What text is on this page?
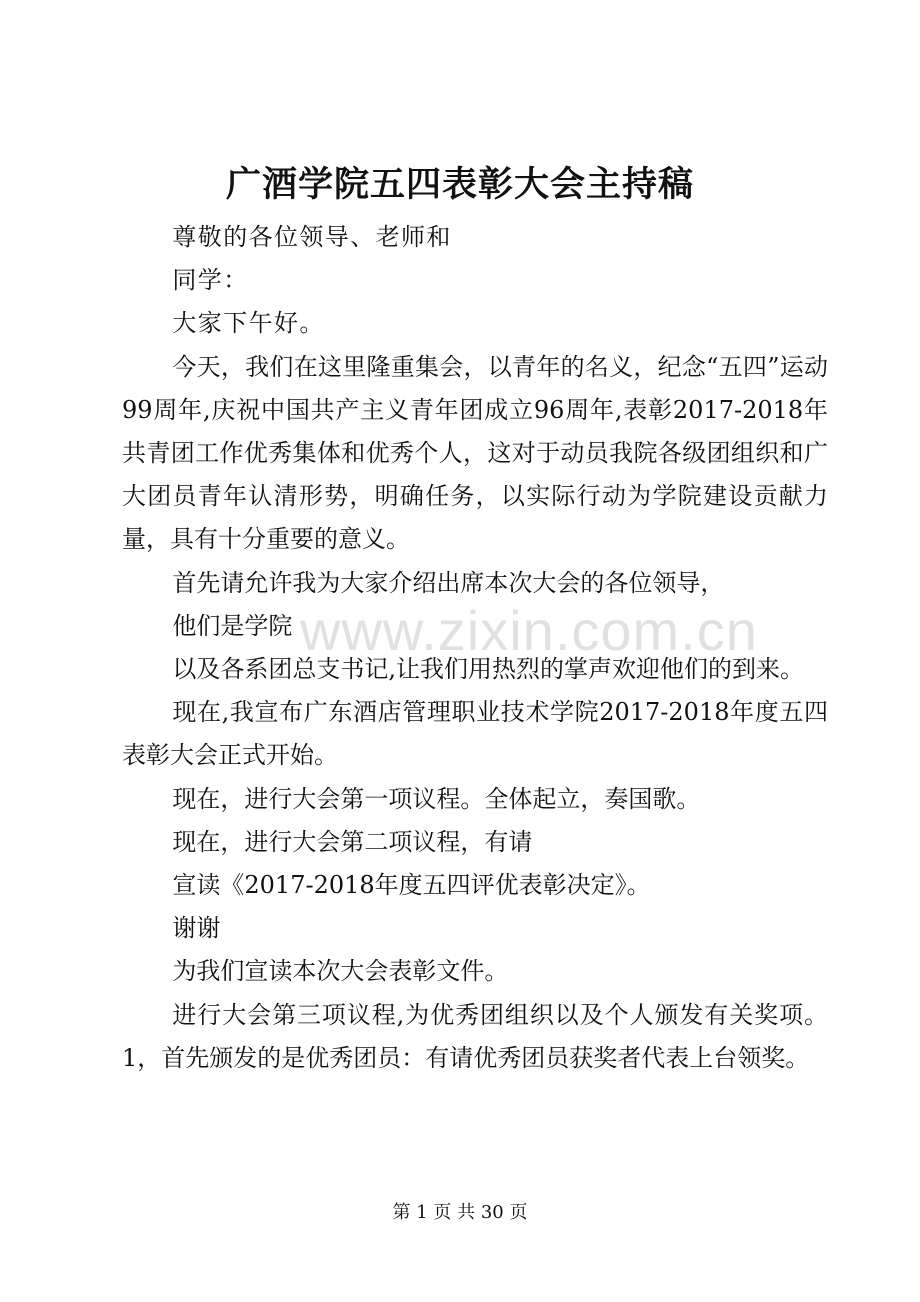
广酒学院五四表彰大会主持稿

尊敬的各位领导、老师和

同学：

大家下午好。

今天，我们在这里隆重集会，以青年的名义，纪念“五四”运动99周年,庆祝中国共产主义青年团成立96周年,表彰2017-2018年共青团工作优秀集体和优秀个人，这对于动员我院各级团组织和广大团员青年认清形势，明确任务，以实际行动为学院建设贡献力量，具有十分重要的意义。

首先请允许我为大家介绍出席本次大会的各位领导，

他们是学院

以及各系团总支书记,让我们用热烈的掌声欢迎他们的到来。

现在,我宣布广东酒店管理职业技术学院2017-2018年度五四表彰大会正式开始。

现在，进行大会第一项议程。全体起立，奏国歌。

现在，进行大会第二项议程，有请

宣读《2017-2018年度五四评优表彰决定》。

谢谢

为我们宣读本次大会表彰文件。

进行大会第三项议程,为优秀团组织以及个人颁发有关奖项。1，首先颁发的是优秀团员：有请优秀团员获奖者代表上台领奖。

www.zixin.com.cn
第 1 页 共 30 页
